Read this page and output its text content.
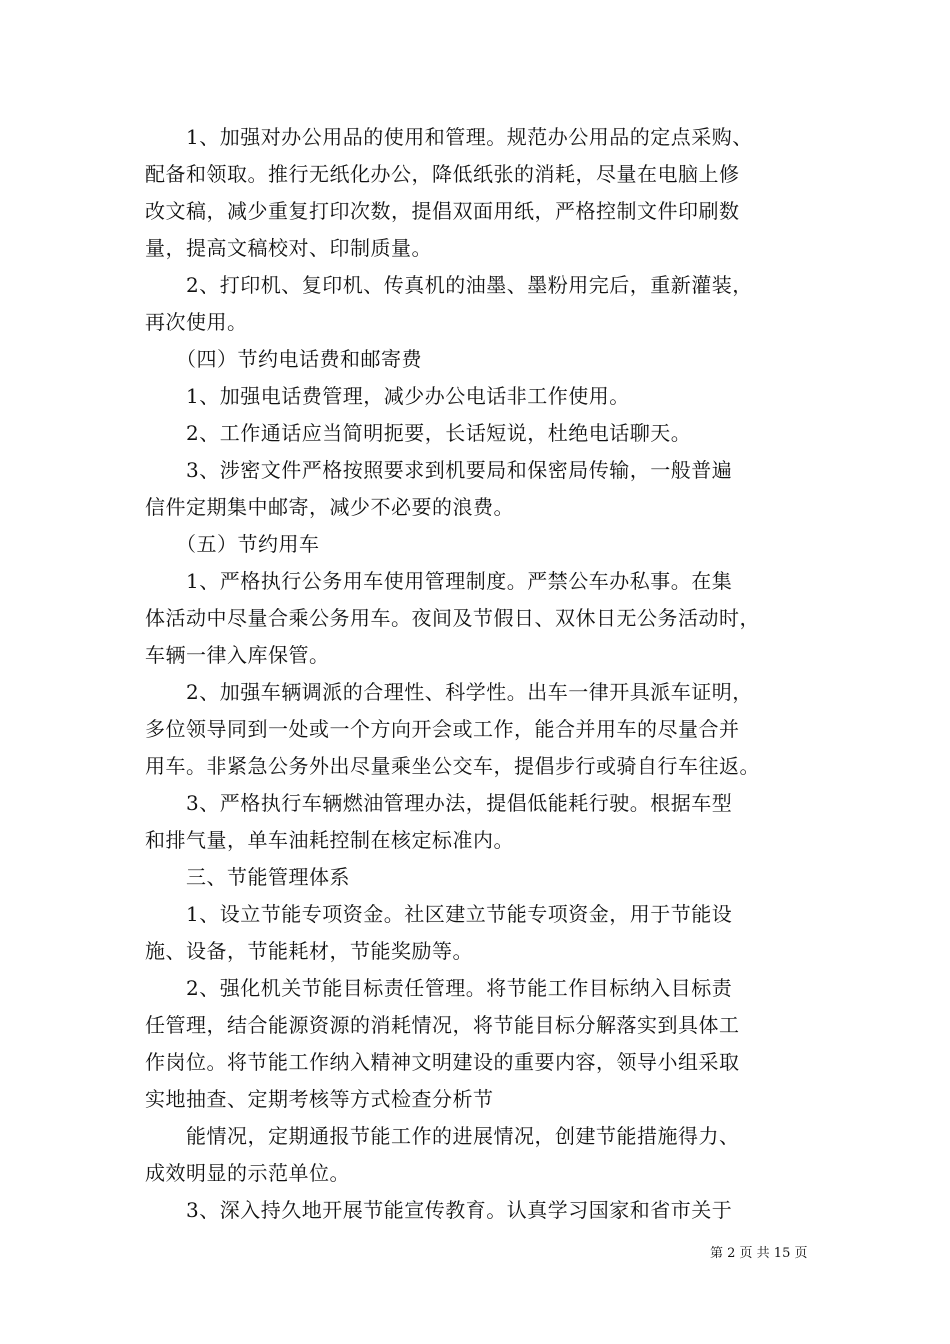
　　1、加强对办公用品的使用和管理。规范办公用品的定点采购、
配备和领取。推行无纸化办公，降低纸张的消耗，尽量在电脑上修
改文稿，减少重复打印次数，提倡双面用纸，严格控制文件印刷数
量，提高文稿校对、印制质量。
　　2、打印机、复印机、传真机的油墨、墨粉用完后，重新灌装，
再次使用。
　　（四）节约电话费和邮寄费
　　1、加强电话费管理，减少办公电话非工作使用。
　　2、工作通话应当简明扼要，长话短说，杜绝电话聊天。
　　3、涉密文件严格按照要求到机要局和保密局传输，一般普遍
信件定期集中邮寄，减少不必要的浪费。
　　（五）节约用车
　　1、严格执行公务用车使用管理制度。严禁公车办私事。在集
体活动中尽量合乘公务用车。夜间及节假日、双休日无公务活动时，
车辆一律入库保管。
　　2、加强车辆调派的合理性、科学性。出车一律开具派车证明，
多位领导同到一处或一个方向开会或工作，能合并用车的尽量合并
用车。非紧急公务外出尽量乘坐公交车，提倡步行或骑自行车往返。
　　3、严格执行车辆燃油管理办法，提倡低能耗行驶。根据车型
和排气量，单车油耗控制在核定标准内。
　　三、节能管理体系
　　1、设立节能专项资金。社区建立节能专项资金，用于节能设
施、设备，节能耗材，节能奖励等。
　　2、强化机关节能目标责任管理。将节能工作目标纳入目标责
任管理，结合能源资源的消耗情况，将节能目标分解落实到具体工
作岗位。将节能工作纳入精神文明建设的重要内容，领导小组采取
实地抽查、定期考核等方式检查分析节
　　能情况，定期通报节能工作的进展情况，创建节能措施得力、
成效明显的示范单位。
　　3、深入持久地开展节能宣传教育。认真学习国家和省市关于
第 2 页 共 15 页
